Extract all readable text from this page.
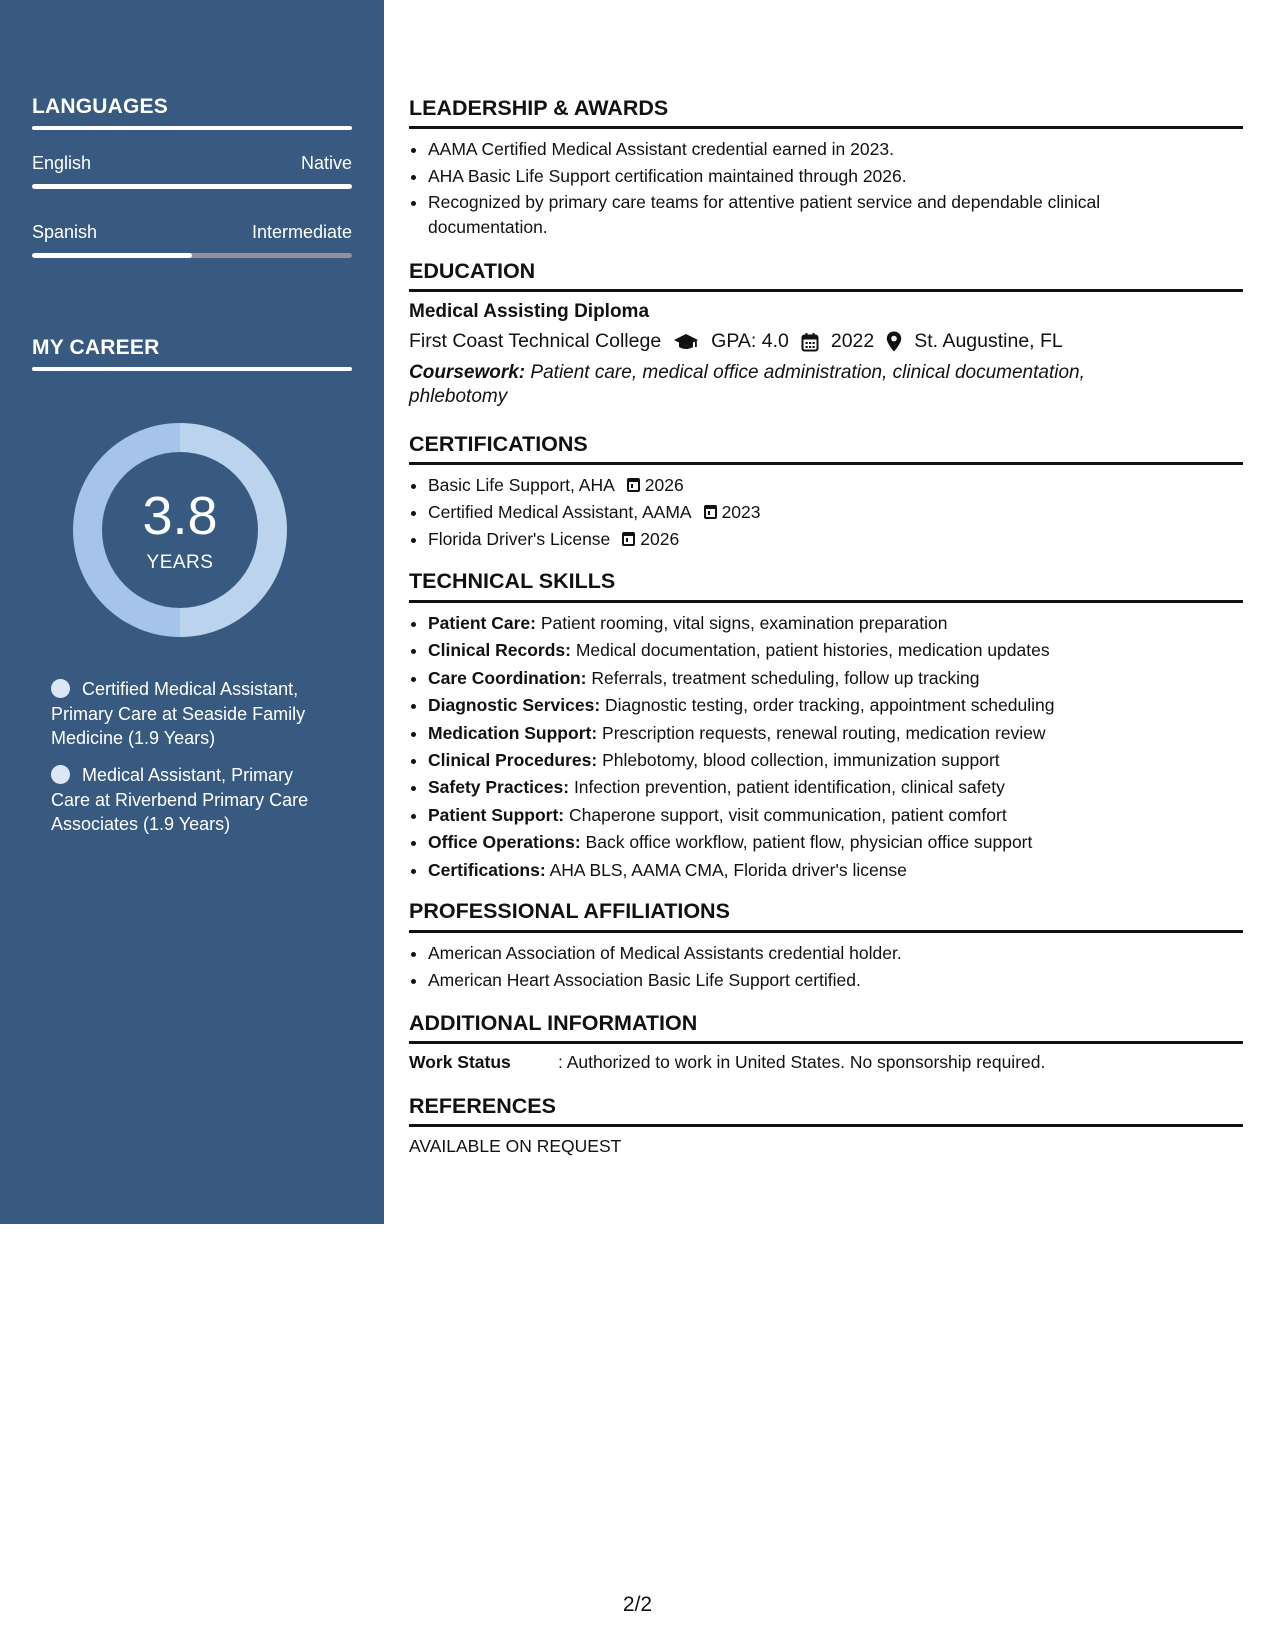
LANGUAGES
English	Native
Spanish	Intermediate
MY CAREER
3.8
YEARS
Certified Medical Assistant, Primary Care at Seaside Family Medicine (1.9 Years)
Medical Assistant, Primary Care at Riverbend Primary Care Associates (1.9 Years)
LEADERSHIP & AWARDS
• AAMA Certified Medical Assistant credential earned in 2023.
• AHA Basic Life Support certification maintained through 2026.
• Recognized by primary care teams for attentive patient service and dependable clinical documentation.
EDUCATION
Medical Assisting Diploma
First Coast Technical College	GPA: 4.0 2022 St. Augustine, FL
Coursework: Patient care, medical office administration, clinical documentation, phlebotomy
CERTIFICATIONS
• Basic Life Support, AHA 2026
• Certified Medical Assistant, AAMA 2023
• Florida Driver's License 2026
TECHNICAL SKILLS
• Patient Care: Patient rooming, vital signs, examination preparation
• Clinical Records: Medical documentation, patient histories, medication updates
• Care Coordination: Referrals, treatment scheduling, follow up tracking
• Diagnostic Services: Diagnostic testing, order tracking, appointment scheduling
• Medication Support: Prescription requests, renewal routing, medication review
• Clinical Procedures: Phlebotomy, blood collection, immunization support
• Safety Practices: Infection prevention, patient identification, clinical safety
• Patient Support: Chaperone support, visit communication, patient comfort
• Office Operations: Back office workflow, patient flow, physician office support
• Certifications: AHA BLS, AAMA CMA, Florida driver's license
PROFESSIONAL AFFILIATIONS
• American Association of Medical Assistants credential holder.
• American Heart Association Basic Life Support certified.
ADDITIONAL INFORMATION
Work Status	: Authorized to work in United States. No sponsorship required.
REFERENCES
AVAILABLE ON REQUEST
2/2
